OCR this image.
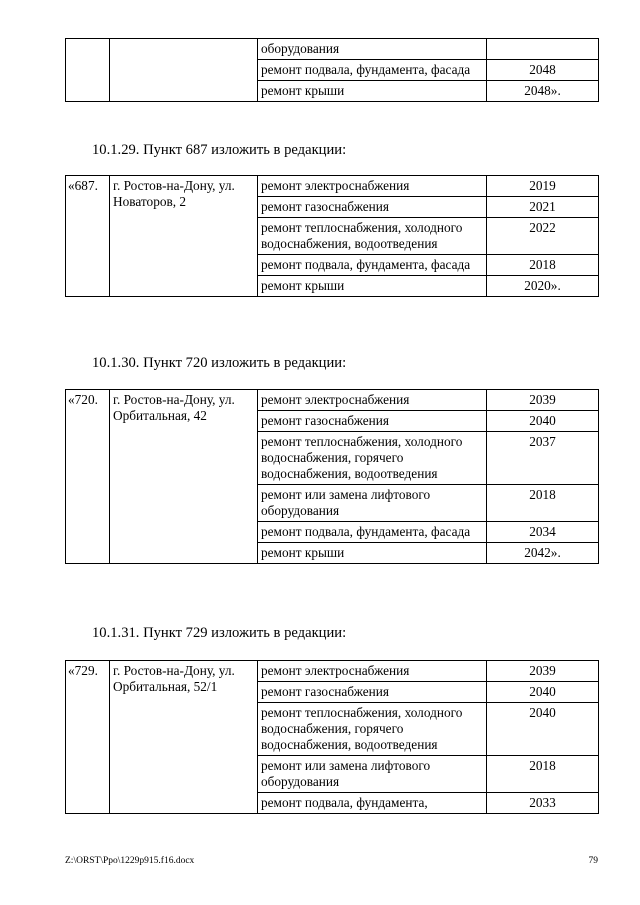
		оборудования	
		ремонт подвала, фундамента, фасада	2048
		ремонт крыши	2048».
10.1.29. Пункт 687 изложить в редакции:
«687.	г. Ростов-на-Дону, ул. Новаторов, 2	ремонт электроснабжения	2019
		ремонт газоснабжения	2021
		ремонт теплоснабжения, холодного водоснабжения, водоотведения	2022
		ремонт подвала, фундамента, фасада	2018
		ремонт крыши	2020».
10.1.30. Пункт 720 изложить в редакции:
«720.	г. Ростов-на-Дону, ул. Орбитальная, 42	ремонт электроснабжения	2039
		ремонт газоснабжения	2040
		ремонт теплоснабжения, холодного водоснабжения, горячего водоснабжения, водоотведения	2037
		ремонт или замена лифтового оборудования	2018
		ремонт подвала, фундамента, фасада	2034
		ремонт крыши	2042».
10.1.31. Пункт 729 изложить в редакции:
«729.	г. Ростов-на-Дону, ул. Орбитальная, 52/1	ремонт электроснабжения	2039
		ремонт газоснабжения	2040
		ремонт теплоснабжения, холодного водоснабжения, горячего водоснабжения, водоотведения	2040
		ремонт или замена лифтового оборудования	2018
		ремонт подвала, фундамента,	2033
Z:\ORST\Ppo\1229p915.f16.docx	79
